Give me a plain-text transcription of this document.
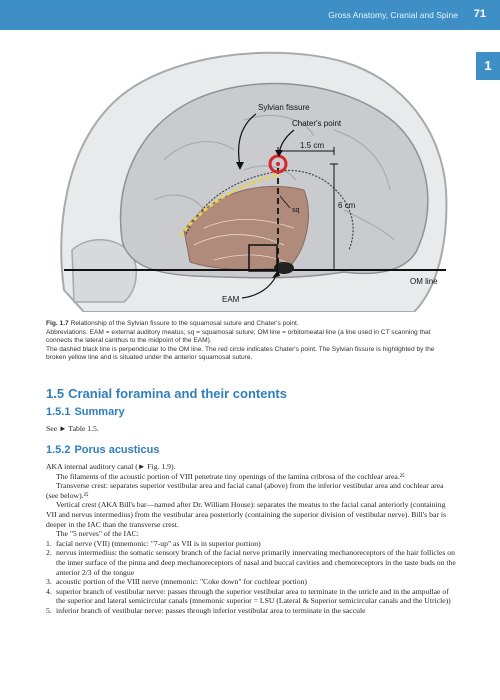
Gross Anatomy, Cranial and Spine 71
1
1.5 cm
6 cm
sq
Sylvian fissure
Chater's point
EAM
OM line

Fig. 1.7 Relationship of the Sylvian fissure to the squamosal suture and Chater's point.

Abbreviations: EAM = external auditory meatus; sq = squamosal suture; OM line = orbitomeatal line (a line used in CT scanning that connects the lateral canthus to the midpoint of the EAM).

The dashed black line is perpendicular to the OM line. The red circle indicates Chater's point. The Sylvian fissure is highlighted by the broken yellow line and is situated under the anterior squamosal suture.

1.5 Cranial foramina and their contents
1.5.1 Summary

See ► Table 1.5.

1.5.2 Porus acusticus

AKA internal auditory canal (► Fig. 1.9).

The filaments of the acoustic portion of VIII penetrate tiny openings of the lamina cribrosa of the cochlear area.²⁵

Transverse crest: separates superior vestibular area and facial canal (above) from the inferior vestibular area and cochlear area (see below).²⁵

Vertical crest (AKA Bill's bar—named after Dr. William House): separates the meatus to the facial canal anteriorly (containing VII and nervus intermedius) from the vestibular area posteriorly (containing the superior division of vestibular nerve). Bill's bar is deeper in the IAC than the transverse crest.

The "5 nerves" of the IAC:

1. facial nerve (VII) (mnemonic: "7-up" as VII is in superior portion)
2. nervus intermedius: the somatic sensory branch of the facial nerve primarily innervating mechanoreceptors of the hair follicles on the inner surface of the pinna and deep mechanoreceptors of nasal and buccal cavities and chemoreceptors in the taste buds on the anterior 2/3 of the tongue
3. acoustic portion of the VIII nerve (mnemonic: "Coke down" for cochlear portion)
4. superior branch of vestibular nerve: passes through the superior vestibular area to terminate in the utricle and in the ampullae of the superior and lateral semicircular canals (mnemonic superior = LSU (Lateral & Superior semicircular canals and the Utricle))
5. inferior branch of vestibular nerve: passes through inferior vestibular area to terminate in the saccule
